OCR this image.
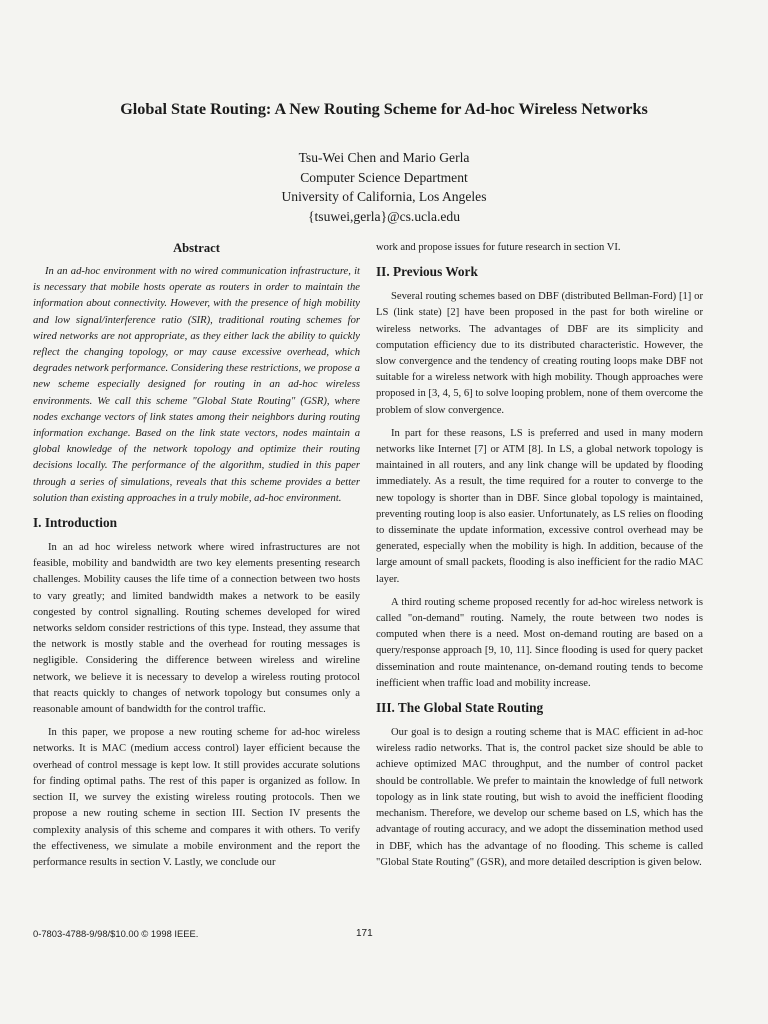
Global State Routing: A New Routing Scheme for Ad-hoc Wireless Networks
Tsu-Wei Chen and Mario Gerla
Computer Science Department
University of California, Los Angeles
{tsuwei,gerla}@cs.ucla.edu
Abstract

In an ad-hoc environment with no wired communication infrastructure, it is necessary that mobile hosts operate as routers in order to maintain the information about connectivity. However, with the presence of high mobility and low signal/interference ratio (SIR), traditional routing schemes for wired networks are not appropriate, as they either lack the ability to quickly reflect the changing topology, or may cause excessive overhead, which degrades network performance. Considering these restrictions, we propose a new scheme especially designed for routing in an ad-hoc wireless environments. We call this scheme "Global State Routing" (GSR), where nodes exchange vectors of link states among their neighbors during routing information exchange. Based on the link state vectors, nodes maintain a global knowledge of the network topology and optimize their routing decisions locally. The performance of the algorithm, studied in this paper through a series of simulations, reveals that this scheme provides a better solution than existing approaches in a truly mobile, ad-hoc environment.

I. Introduction

In an ad hoc wireless network where wired infrastructures are not feasible, mobility and bandwidth are two key elements presenting research challenges. Mobility causes the life time of a connection between two hosts to vary greatly; and limited bandwidth makes a network to be easily congested by control signalling. Routing schemes developed for wired networks seldom consider restrictions of this type. Instead, they assume that the network is mostly stable and the overhead for routing messages is negligible. Considering the difference between wireless and wireline network, we believe it is necessary to develop a wireless routing protocol that reacts quickly to changes of network topology but consumes only a reasonable amount of bandwidth for the control traffic.

In this paper, we propose a new routing scheme for ad-hoc wireless networks. It is MAC (medium access control) layer efficient because the overhead of control message is kept low. It still provides accurate solutions for finding optimal paths. The rest of this paper is organized as follow. In section II, we survey the existing wireless routing protocols. Then we propose a new routing scheme in section III. Section IV presents the complexity analysis of this scheme and compares it with others. To verify the effectiveness, we simulate a mobile environment and the report the performance results in section V. Lastly, we conclude our

work and propose issues for future research in section VI.

II. Previous Work

Several routing schemes based on DBF (distributed Bellman-Ford) [1] or LS (link state) [2] have been proposed in the past for both wireline or wireless networks. The advantages of DBF are its simplicity and computation efficiency due to its distributed characteristic. However, the slow convergence and the tendency of creating routing loops make DBF not suitable for a wireless network with high mobility. Though approaches were proposed in [3, 4, 5, 6] to solve looping problem, none of them overcome the problem of slow convergence.

In part for these reasons, LS is preferred and used in many modern networks like Internet [7] or ATM [8]. In LS, a global network topology is maintained in all routers, and any link change will be updated by flooding immediately. As a result, the time required for a router to converge to the new topology is shorter than in DBF. Since global topology is maintained, preventing routing loop is also easier. Unfortunately, as LS relies on flooding to disseminate the update information, excessive control overhead may be generated, especially when the mobility is high. In addition, because of the large amount of small packets, flooding is also inefficient for the radio MAC layer.

A third routing scheme proposed recently for ad-hoc wireless network is called "on-demand" routing. Namely, the route between two nodes is computed when there is a need. Most on-demand routing are based on a query/response approach [9, 10, 11]. Since flooding is used for query packet dissemination and route maintenance, on-demand routing tends to become inefficient when traffic load and mobility increase.

III. The Global State Routing

Our goal is to design a routing scheme that is MAC efficient in ad-hoc wireless radio networks. That is, the control packet size should be able to achieve optimized MAC throughput, and the number of control packet should be controllable. We prefer to maintain the knowledge of full network topology as in link state routing, but wish to avoid the inefficient flooding mechanism. Therefore, we develop our scheme based on LS, which has the advantage of routing accuracy, and we adopt the dissemination method used in DBF, which has the advantage of no flooding. This scheme is called "Global State Routing" (GSR), and more detailed description is given below.

0-7803-4788-9/98/$10.00 © 1998 IEEE.	171
